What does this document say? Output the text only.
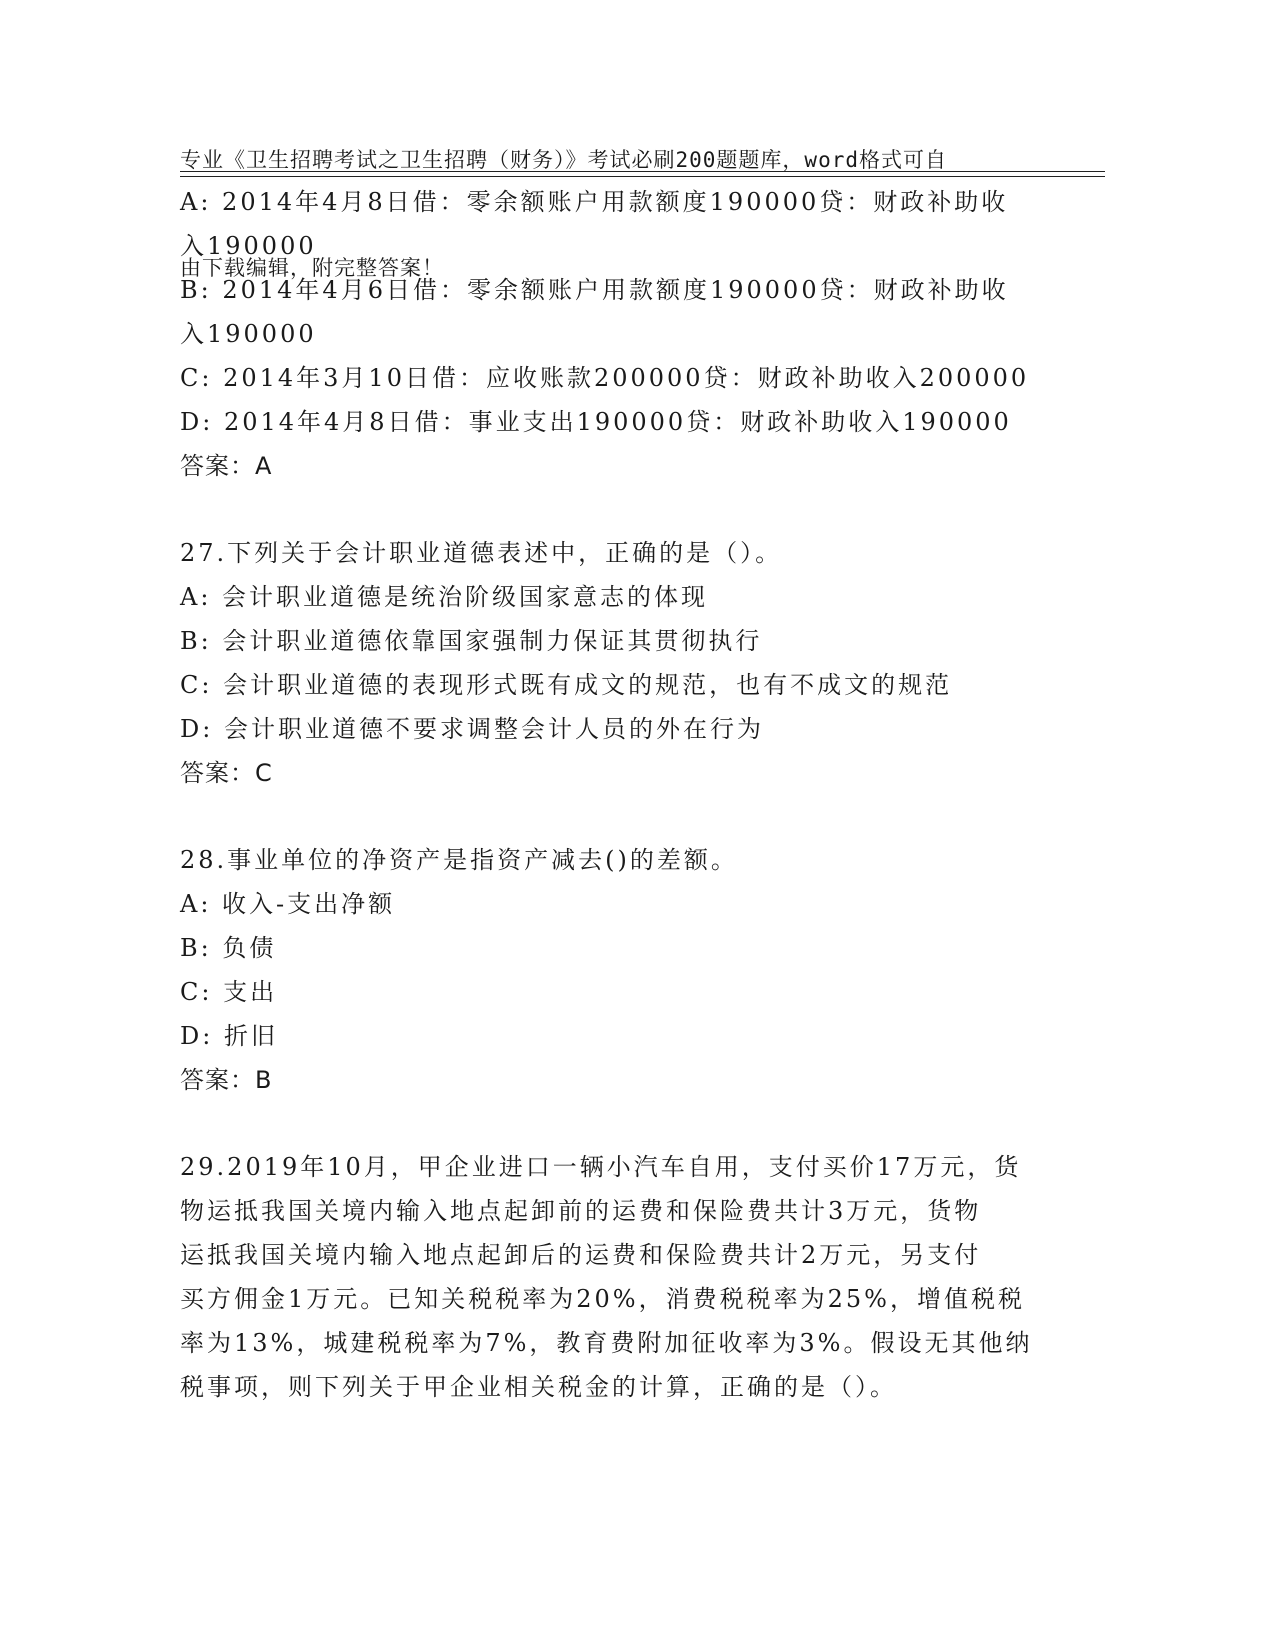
专业《卫生招聘考试之卫生招聘（财务）》考试必刷200题题库，word格式可自

由下载编辑，附完整答案！

A: 2014年4月8日借：零余额账户用款额度190000贷：财政补助收
入190000
B: 2014年4月6日借：零余额账户用款额度190000贷：财政补助收
入190000
C: 2014年3月10日借：应收账款200000贷：财政补助收入200000
D: 2014年4月8日借：事业支出190000贷：财政补助收入190000
答案：A
27.下列关于会计职业道德表述中，正确的是（）。
A: 会计职业道德是统治阶级国家意志的体现
B: 会计职业道德依靠国家强制力保证其贯彻执行
C: 会计职业道德的表现形式既有成文的规范，也有不成文的规范
D: 会计职业道德不要求调整会计人员的外在行为
答案：C
28.事业单位的净资产是指资产减去()的差额。
A: 收入-支出净额
B: 负债
C: 支出
D: 折旧
答案：B
29.2019年10月，甲企业进口一辆小汽车自用，支付买价17万元，货
物运抵我国关境内输入地点起卸前的运费和保险费共计3万元，货物
运抵我国关境内输入地点起卸后的运费和保险费共计2万元，另支付
买方佣金1万元。已知关税税率为20%，消费税税率为25%，增值税税
率为13%，城建税税率为7%，教育费附加征收率为3%。假设无其他纳
税事项，则下列关于甲企业相关税金的计算，正确的是（）。
